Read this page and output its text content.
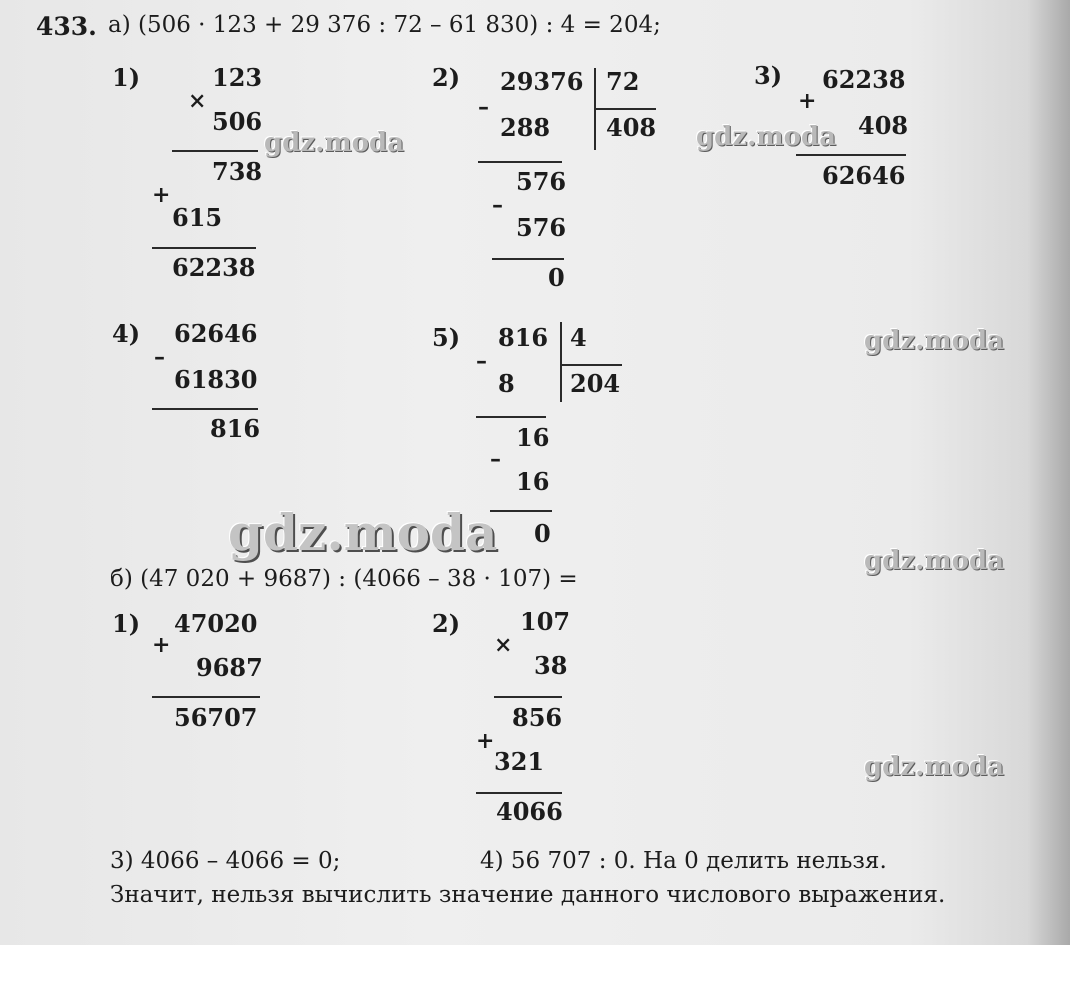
433. а) (506 · 123 + 29 376 : 72 – 61 830) : 4 = 204;
1)
×
123
506
738
+
615
62238
2)
–
29376 72
288 408
576
–
576
0
3)
+
62238
408
62646
4)
–
62646
61830
816
5)
–
816 4
8 204
16
–
16
0
б) (47 020 + 9687) : (4066 – 38 · 107) =
1)
+
47020
9687
56707
2)
×
107
38
856
+
321
4066
3) 4066 – 4066 = 0;	4) 56 707 : 0. На 0 делить нельзя.
Значит, нельзя вычислить значение данного числового выражения.
gdz.moda	gdz.moda
gdz.moda
gdz.moda	gdz.moda
gdz.moda
